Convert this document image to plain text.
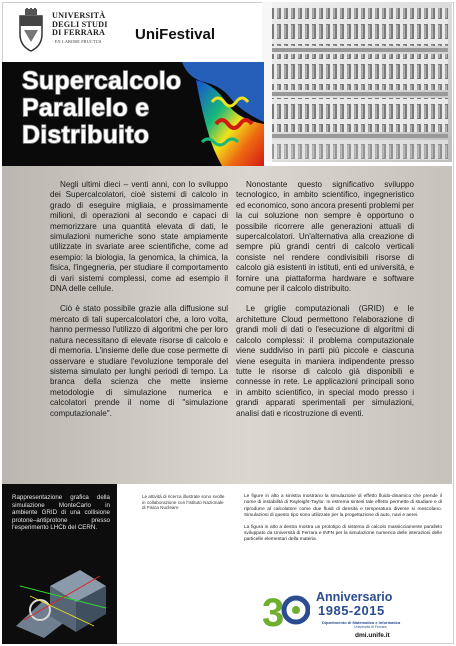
UNIVERSITÀ
DEGLI STUDI
DI FERRARA
· EX LABORE FRUCTUS · UniFestival
Supercalcolo
Parallelo e
Distribuito

Negli ultimi dieci – venti anni, con lo sviluppo dei Supercalcolatori, cioè sistemi di calcolo in grado di eseguire migliaia, e prossimamente milioni, di operazioni al secondo e capaci di memorizzare una quantità elevata di dati, le simulazioni numeriche sono state ampiamente utilizzate in svariate aree scientifiche, come ad esempio: la biologia, la genomica, la chimica, la fisica, l'ingegneria, per studiare il comportamento di vari sistemi complessi, come ad esempio il DNA delle cellule.

Ciò è stato possibile grazie alla diffusione sul mercato di tali supercalcolatori che, a loro volta, hanno permesso l'utilizzo di algoritmi che per loro natura necessitano di elevate risorse di calcolo e di memoria. L'insieme delle due cose permette di osservare e studiare l'evoluzione temporale del sistema simulato per lunghi periodi di tempo. La branca della scienza che mette insieme metodologie di simulazione numerica e calcolatori prende il nome di "simulazione computazionale".

Nonostante questo significativo sviluppo tecnologico, in ambito scientifico, ingegneristico ed economico, sono ancora presenti problemi per la cui soluzione non sempre è opportuno o possibile ricorrere alle generazioni attuali di supercalcolatori. Un'alternativa alla creazione di sempre più grandi centri di calcolo verticali consiste nel rendere condivisibili risorse di calcolo già esistenti in istituti, enti ed università, e fornire una piattaforma hardware e software comune per il calcolo distribuito.

Le griglie computazionali (GRID) e le architetture Cloud permettono l'elaborazione di grandi moli di dati o l'esecuzione di algoritmi di calcolo complessi: il problema computazionale viene suddiviso in parti più piccole e ciascuna viene eseguita in maniera indipendente presso tutte le risorse di calcolo già disponibili e connesse in rete. Le applicazioni principali sono in ambito scientifico, in special modo presso i grandi apparati sperimentali per simulazioni, analisi dati e ricostruzione di eventi.

Rappresentazione grafica della simulazione MonteCarlo in ambiente GRID di una collisione protone–antiprotone presso l'esperimento LHCb del CERN.
Le attività di ricerca illustrate sono svolte in collaborazione con l'Istituto Nazionale di Fisica Nucleare

Le figure in alto a sinistra mostrano la simulazione di effetto fluido-dinamico che prende il nome di instabilità di Rayleight-Taylor. In estrema sintesi tale effetto permette di studiare e di riprodurre al calcolatore come due fluidi di densità e temperatura diverse si mescolano. Simulazioni di questo tipo sono utilizzate per la progettazione di auto, navi e aerei.

La figura in alto a destra mostra un prototipo di sistema di calcolo massicciamente parallelo sviluppato da Università di Ferrara e INFN per la simulazione numerica delle interazioni delle particelle elementari della materia.

3	Anniversario
1985-2015
Dipartimento di Matematica e Informatica
Università di Ferrara
dmi.unife.it
